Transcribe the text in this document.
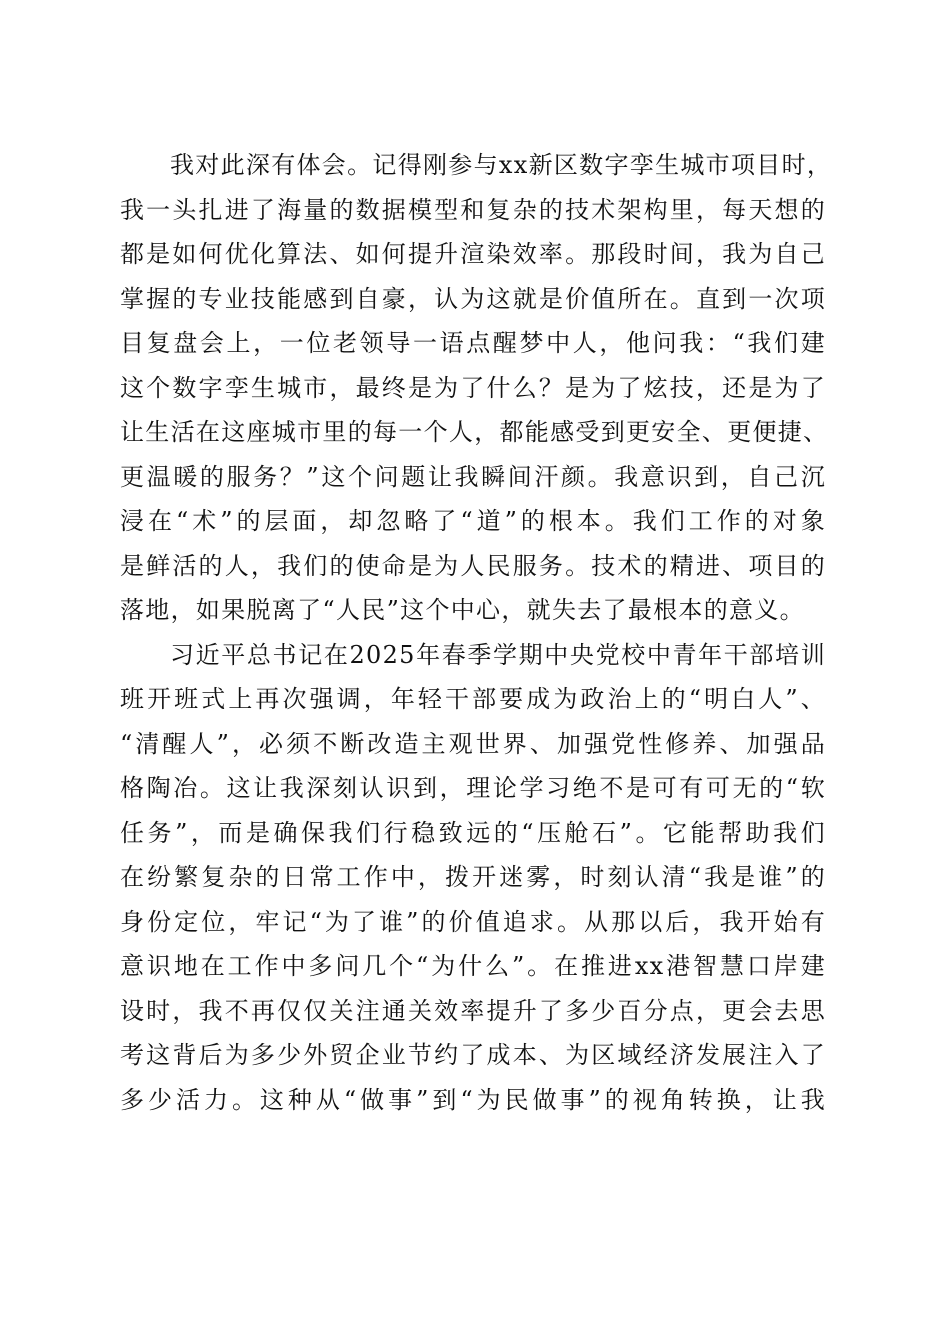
我对此深有体会。记得刚参与xx新区数字孪生城市项目时，
我一头扎进了海量的数据模型和复杂的技术架构里，每天想的
都是如何优化算法、如何提升渲染效率。那段时间，我为自己
掌握的专业技能感到自豪，认为这就是价值所在。直到一次项
目复盘会上，一位老领导一语点醒梦中人，他问我：“我们建
这个数字孪生城市，最终是为了什么？是为了炫技，还是为了
让生活在这座城市里的每一个人，都能感受到更安全、更便捷、
更温暖的服务？”这个问题让我瞬间汗颜。我意识到，自己沉
浸在“术”的层面，却忽略了“道”的根本。我们工作的对象
是鲜活的人，我们的使命是为人民服务。技术的精进、项目的
落地，如果脱离了“人民”这个中心，就失去了最根本的意义。
习近平总书记在2025年春季学期中央党校中青年干部培训
班开班式上再次强调，年轻干部要成为政治上的“明白人”、
“清醒人”，必须不断改造主观世界、加强党性修养、加强品
格陶冶。这让我深刻认识到，理论学习绝不是可有可无的“软
任务”，而是确保我们行稳致远的“压舱石”。它能帮助我们
在纷繁复杂的日常工作中，拨开迷雾，时刻认清“我是谁”的
身份定位，牢记“为了谁”的价值追求。从那以后，我开始有
意识地在工作中多问几个“为什么”。在推进xx港智慧口岸建
设时，我不再仅仅关注通关效率提升了多少百分点，更会去思
考这背后为多少外贸企业节约了成本、为区域经济发展注入了
多少活力。这种从“做事”到“为民做事”的视角转换，让我
